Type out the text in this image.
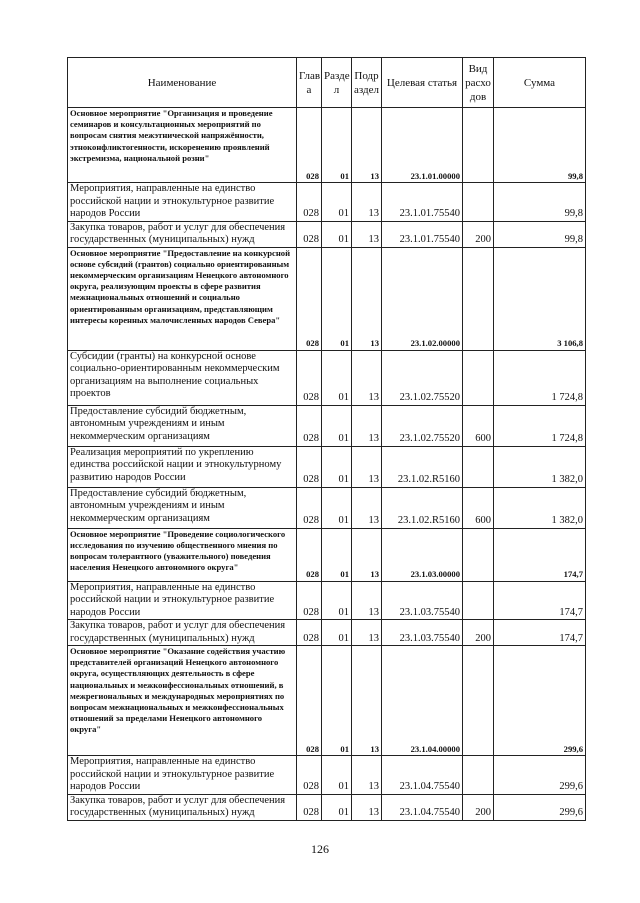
Наименование	Глав а	Разде л	Подр аздел	Целевая статья	Вид расхо дов	Сумма
Основное мероприятие "Организация и проведение семинаров и консультационных мероприятий по вопросам снятия межэтнической напряжённости, этноконфликтогенности, искоренению проявлений экстремизма, национальной розни"	028	01	13	23.1.01.00000		99,8
Мероприятия, направленные на единство российской нации и этнокультурное развитие народов России	028	01	13	23.1.01.75540		99,8
Закупка товаров, работ и услуг для обеспечения государственных (муниципальных) нужд	028	01	13	23.1.01.75540	200	99,8
Основное мероприятие "Предоставление на конкурсной основе субсидий (грантов) социально ориентированным некоммерческим организациям Ненецкого автономного округа, реализующим проекты в сфере развития межнациональных отношений и социально ориентированным организациям, представляющим интересы коренных малочисленных народов Севера"	028	01	13	23.1.02.00000		3 106,8
Субсидии (гранты) на конкурсной основе социально-ориентированным некоммерческим организациям на выполнение социальных проектов	028	01	13	23.1.02.75520		1 724,8
Предоставление субсидий бюджетным, автономным учреждениям и иным некоммерческим организациям	028	01	13	23.1.02.75520	600	1 724,8
Реализация мероприятий по укреплению единства российской нации и этнокультурному развитию народов России	028	01	13	23.1.02.R5160		1 382,0
Предоставление субсидий бюджетным, автономным учреждениям и иным некоммерческим организациям	028	01	13	23.1.02.R5160	600	1 382,0
Основное мероприятие "Проведение социологического исследования по изучению общественного мнения по вопросам толерантного (уважительного) поведения населения Ненецкого автономного округа"	028	01	13	23.1.03.00000		174,7
Мероприятия, направленные на единство российской нации и этнокультурное развитие народов России	028	01	13	23.1.03.75540		174,7
Закупка товаров, работ и услуг для обеспечения государственных (муниципальных) нужд	028	01	13	23.1.03.75540	200	174,7
Основное мероприятие "Оказание содействия участию представителей организаций Ненецкого автономного округа, осуществляющих деятельность в сфере национальных и межконфессиональных отношений, в межрегиональных и международных мероприятиях по вопросам межнациональных и межконфессиональных отношений за пределами Ненецкого автономного округа"	028	01	13	23.1.04.00000		299,6
Мероприятия, направленные на единство российской нации и этнокультурное развитие народов России	028	01	13	23.1.04.75540		299,6
Закупка товаров, работ и услуг для обеспечения государственных (муниципальных) нужд	028	01	13	23.1.04.75540	200	299,6
126
